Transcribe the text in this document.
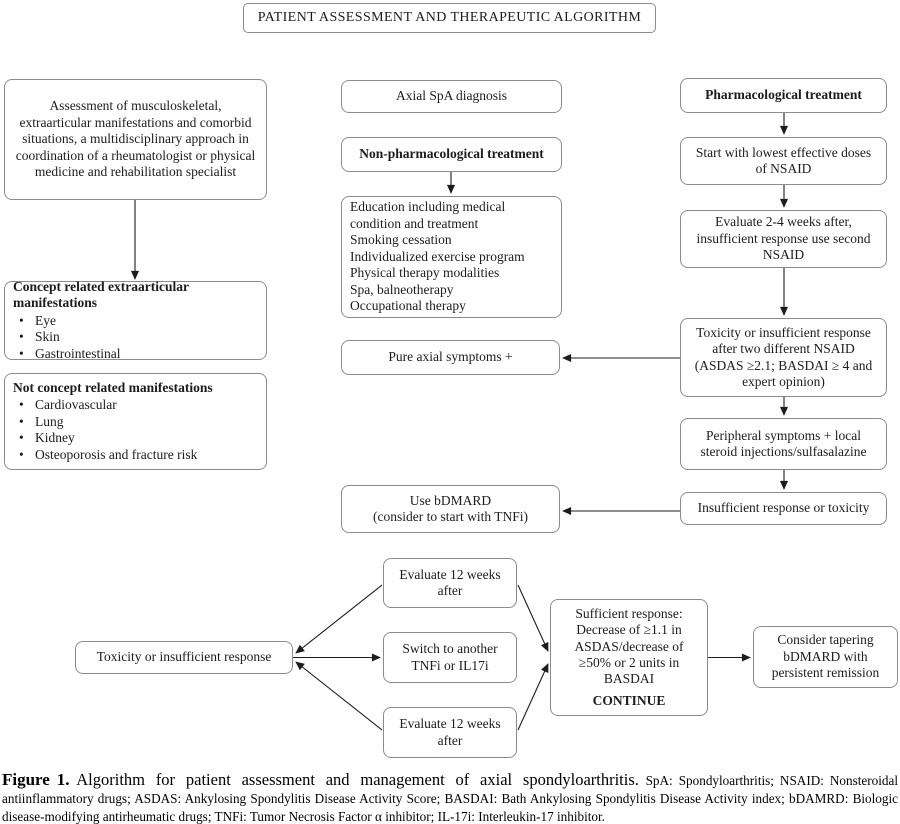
PATIENT ASSESSMENT AND THERAPEUTIC ALGORITHM
Assessment of musculoskeletal, extraarticular manifestations and comorbid situations, a multidisciplinary approach in coordination of a rheumatologist or physical medicine and rehabilitation specialist
Concept related extraarticular manifestations
• Eye
• Skin
• Gastrointestinal
Not concept related manifestations
• Cardiovascular
• Lung
• Kidney
• Osteoporosis and fracture risk
Axial SpA diagnosis
Non-pharmacological treatment
Education including medical condition and treatment
Smoking cessation
Individualized exercise program
Physical therapy modalities
Spa, balneotherapy
Occupational therapy
Pure axial symptoms +
Use bDMARD
(consider to start with TNFi)
Pharmacological treatment
Start with lowest effective doses of NSAID
Evaluate 2-4 weeks after, insufficient response use second NSAID
Toxicity or insufficient response after two different NSAID (ASDAS ≥2.1; BASDAI ≥ 4 and expert opinion)
Peripheral symptoms + local steroid injections/sulfasalazine
Insufficient response or toxicity
Toxicity or insufficient response
Evaluate 12 weeks after
Switch to another TNFi or IL17i
Evaluate 12 weeks after
Sufficient response:
Decrease of ≥1.1 in
ASDAS/decrease of
≥50% or 2 units in
BASDAI
CONTINUE
Consider tapering bDMARD with persistent remission
Figure 1. Algorithm for patient assessment and management of axial spondyloarthritis. SpA: Spondyloarthritis; NSAID: Nonsteroidal antiinflammatory drugs; ASDAS: Ankylosing Spondylitis Disease Activity Score; BASDAI: Bath Ankylosing Spondylitis Disease Activity index; bDAMRD: Biologic disease-modifying antirheumatic drugs; TNFi: Tumor Necrosis Factor α inhibitor; IL-17i: Interleukin-17 inhibitor.
